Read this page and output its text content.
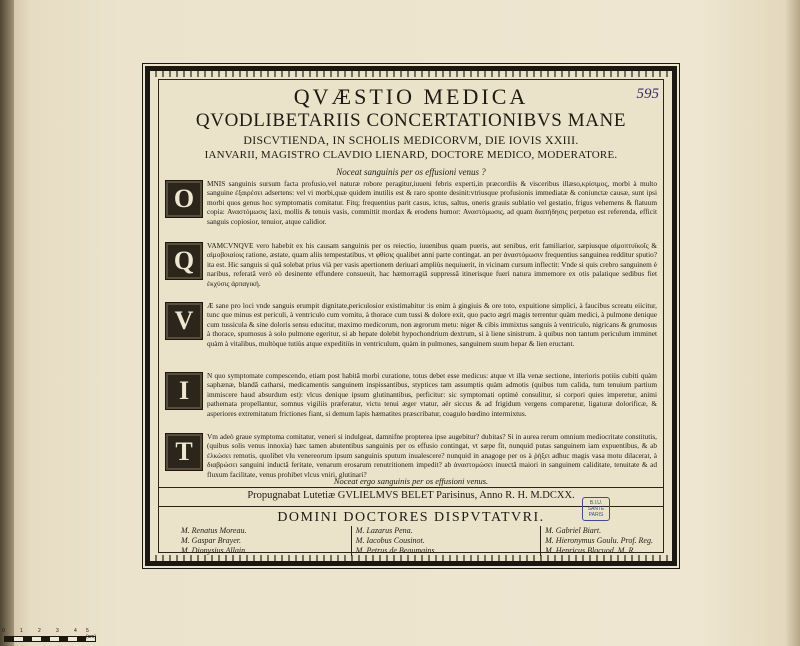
QVÆSTIO MEDICA	595
QVODLIBETARIIS CONCERTATIONIBVS MANE
DISCVTIENDA, IN SCHOLIS MEDICORVM, DIE IOVIS XXIII.
IANVARII, MAGISTRO CLAVDIO LIENARD, DOCTORE MEDICO, MODERATORE.
Noceat sanguinis per os effusioni venus ?
O
MNIS sanguinis sursum facta profusio,vel naturæ robore peragitur,iuueni febris experti,in præcordiis & visceribus illæso,κρίσιμος, morbi à multo sanguine ἐξαιρέσει adsertens: vel vi morbi,quæ quidem inutilis est & raro sponte desinit:vtriusque profusionis immediatæ & coniunctæ causæ, sunt ipsi morbi quos genus hoc symptomatis comitatur. Fitq; frequentius parit casus, ictus, saltus, oneris grauis sublatio vel gestatio, frigus vehemens & flatuum copia: Αναστόμωσις laxi, mollis & tenuis vasis, committit mordax & erodens humor: Αναστόμωσις, ad quam διαπήδησις perpetuo est referenda, efficit sanguis copiosior, tenuior, atque calidior.
Q
VAMCVNQVE vero habebit ex his causam sanguinis per os reiectio, iuuenibus quam pueris, aut senibus, erit familiarior, sæpiusque αἱμοπτυϊκοῖς & αἱμοβοιαίοις ratione, æstate, quam aliis tempestatibus, vt φθίσις qualibet anni parte contingat. an per ἀναστόμωσιν frequentius sanguinea redditur sputio? ita est. Hic sanguis si quâ solebat prius vià per vasis apertionem deriuari ampliùs nequiuerit, in vicinam cursum inflectit: Vnde si quis crebro sanguinem è naribus, referatâ verò eò desinente effundere consueuit, hac hæmorragiâ suppressâ itinerisque fueri natura immemore ex otis palatique sedibus fiet ἐκχύσις ἀρπαγική.
V
Æ sane pro loci vnde sanguis erumpit dignitate,periculosior existimabitur :is enim à gingiuis & ore toto, expuitione simplici, à faucibus screatu eiicitur, tunc que minus est periculi, à ventriculo cum vomitu, à thorace cum tussi & dolore exit, quo pacto ægri magis terrentur quàm medici, à pulmone denique cum tussicula & sine doloris sensu educitur, maximo medicorum, non ægrorum metu: niger & cibis immixtus sanguis à ventriculo, nigricans & grumosus à thorace, spumosus à solo pulmone egeritur, si ab hepate dolebit hypochondrium dextrum, si à liene sinistrum. à quibus non tantum periculum imminet quàm à vitalibus, multòque tutiùs atque expeditiùs in ventriculum, quàm in pulmones, sanguinem suum hepar & lien eructant.
I
N quo symptomate compescendo, etiam post habitâ morbi curatione, totus debet esse medicus: atque vt illa venæ sectione, interioris potiùs cubiti quàm saphænæ, blandâ catharsi, medicamentis sanguinem inspissantibus, styptices tam assumptis quàm admotis (quibus tum calida, tum tenuium partium immiscere haud absurdum est): vlcus denique ipsum glutinantibus, perficitur: sic symptomati optimè consulitur, si corpori quies imperetur, animi pathemata propellantur, somnus vigiliis præferatur, victu tenui æger vtatur, aër siccus & ad frigidum vergens comparetur, ligaturæ dolorificæ, & asperiores extremitatum frictiones fiant, si demum lapis hæmatites præscribatur, coagulo hœdino intermixtus.
T
Vm adeò graue symptoma comitatur, veneri si indulgeat, damnifne propterea ipse augebitur? dubitas? Si in aurea rerum omnium mediocritate constitutis,(quibus solis venus innoxia) hæc tamen abutentibus sanguinis per os effusio contingat, vt sæpe fit, nunquid putas sanguinem iam expuentibus, & ab ἐλκώσει remotis, quolibet vlu venereorum ipsum sanguinis sputum inualescere? nunquid in anagoge per os à ῥήξει adhuc magis vasa motu dilacerat, à διαβρώσει sanguini inductâ feritate, venarum erosarum renutritionem impedit? ab ἀναστομώσει inuectâ maiori in sanguinem caliditate, tenuitate & ad fluxum facilitate, venus prohibet vlcus vniri, glutinari?
Noceat ergo sanguinis per os effusioni venus.
Propugnabat Lutetiæ GVLIELMVS BELET Parisinus, Anno R. H. M.DCXX.
DOMINI DOCTORES DISPVTATVRI.
M. Renatus Moreau.
M. Gaspar Brayer.
M. Dionysius Allain.
M. Lazarus Pena.
M. Iacobus Cousinot.
M. Petrus de Beaumains.
M. Gabriel Biart.
M. Hieronymus Goulu. Prof. Reg.
M. Henricus Blacuod. M. R.
B.I.U.
SANTÉ
PARIS
0	1	2	3	4 5 (cm)
